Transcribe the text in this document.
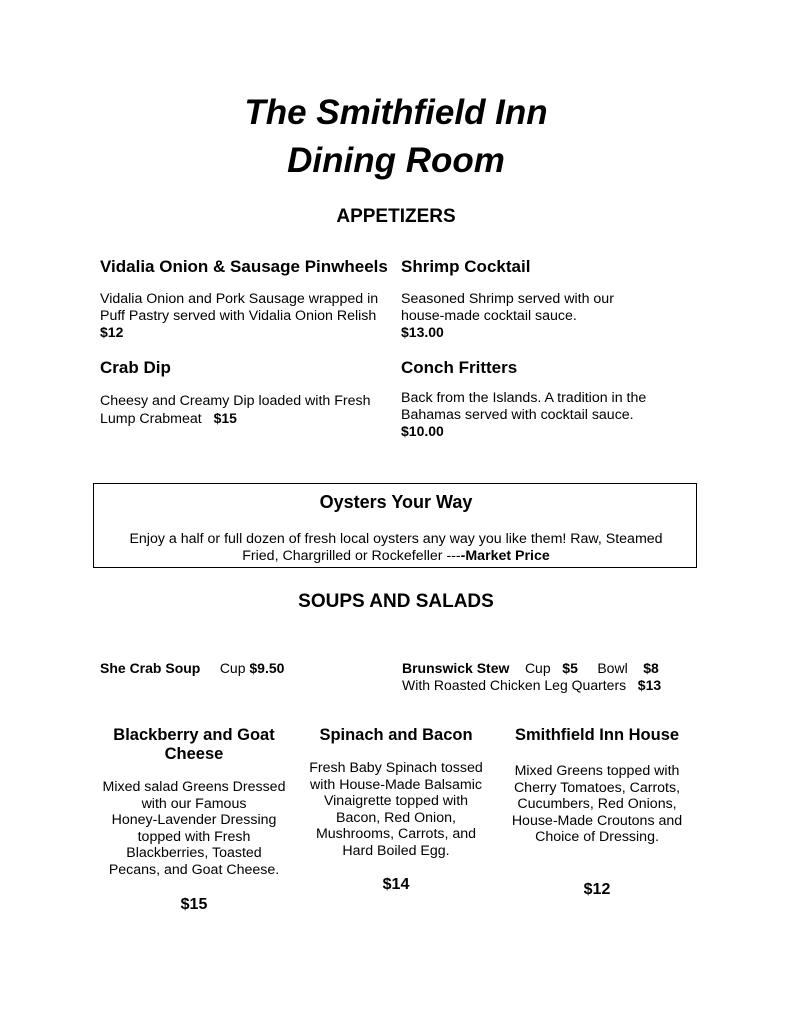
The Smithfield Inn
Dining Room
APPETIZERS
Vidalia Onion & Sausage Pinwheels
Vidalia Onion and Pork Sausage wrapped in
Puff Pastry served with Vidalia Onion Relish
$12
Shrimp Cocktail
Seasoned Shrimp served with our
house-made cocktail sauce.
$13.00
Crab Dip
Cheesy and Creamy Dip loaded with Fresh
Lump Crabmeat $15
Conch Fritters
Back from the Islands. A tradition in the
Bahamas served with cocktail sauce.
$10.00
Oysters Your Way
Enjoy a half or full dozen of fresh local oysters any way you like them! Raw, Steamed
Fried, Chargrilled or Rockefeller ----Market Price
SOUPS AND SALADS
She Crab Soup Cup $9.50	Brunswick Stew Cup $5 Bowl $8
With Roasted Chicken Leg Quarters $13
Blackberry and Goat
Cheese
Mixed salad Greens Dressed
with our Famous
Honey-Lavender Dressing
topped with Fresh
Blackberries, Toasted
Pecans, and Goat Cheese.
$15
Spinach and Bacon
Fresh Baby Spinach tossed
with House-Made Balsamic
Vinaigrette topped with
Bacon, Red Onion,
Mushrooms, Carrots, and
Hard Boiled Egg.
$14
Smithfield Inn House
Mixed Greens topped with
Cherry Tomatoes, Carrots,
Cucumbers, Red Onions,
House-Made Croutons and
Choice of Dressing.
$12
